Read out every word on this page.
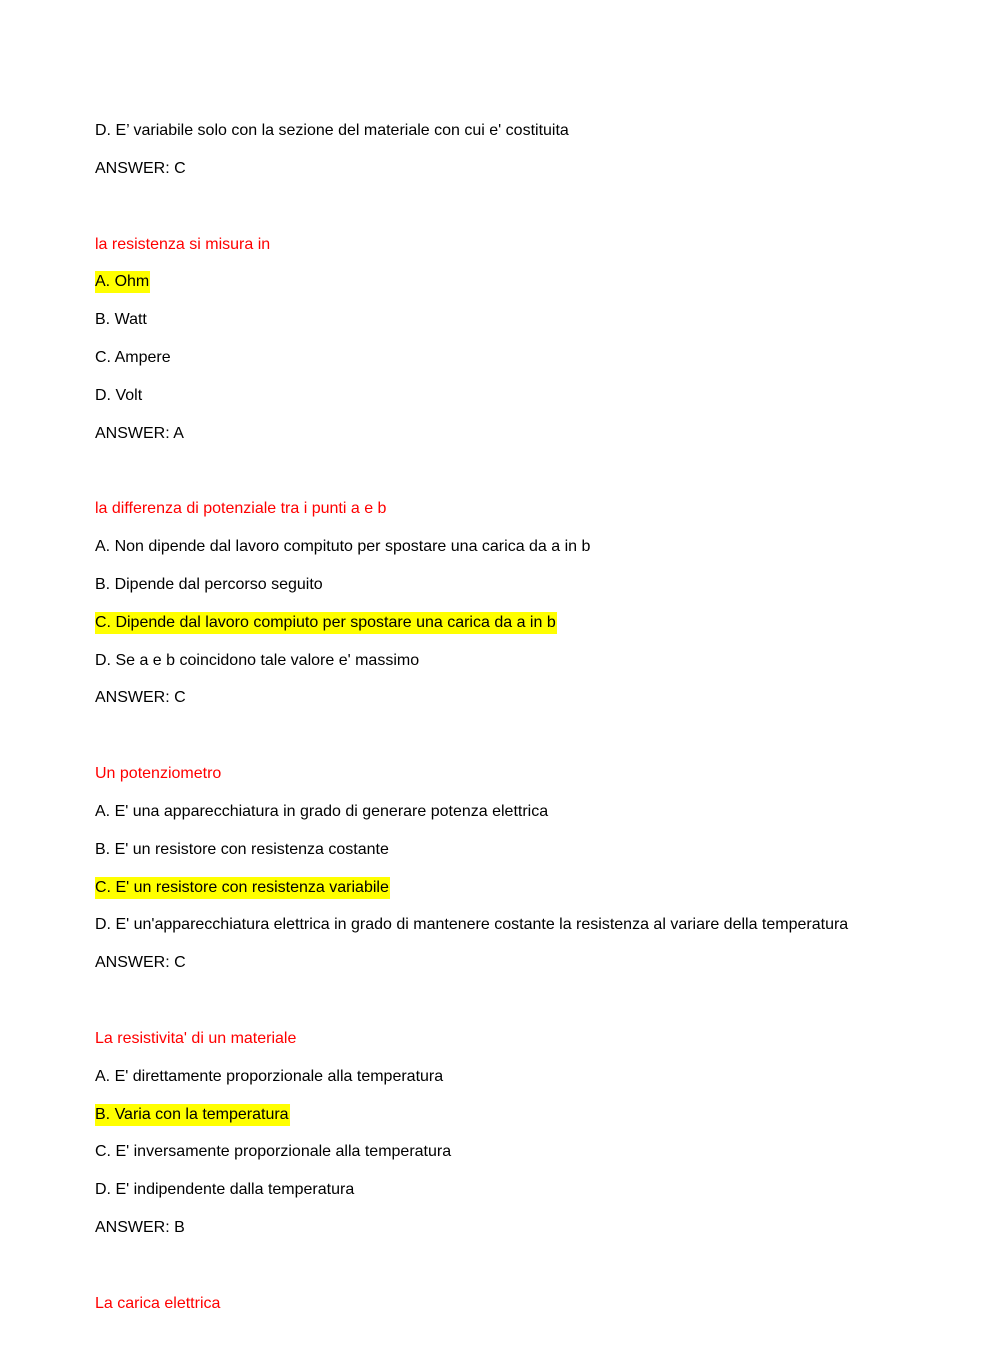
D. E’ variabile solo con la sezione del materiale con cui e' costituita
ANSWER: C
la resistenza si misura in
A. Ohm
B. Watt
C. Ampere
D. Volt
ANSWER: A
la differenza di potenziale tra i punti a e b
A. Non dipende dal lavoro compituto per spostare una carica da a in b
B. Dipende dal percorso seguito
C. Dipende dal lavoro compiuto per spostare una carica da a in b
D. Se a e b coincidono tale valore e' massimo
ANSWER: C
Un potenziometro
A. E' una apparecchiatura in grado di generare potenza elettrica
B. E' un resistore con resistenza costante
C. E' un resistore con resistenza variabile
D. E' un'apparecchiatura elettrica in grado di mantenere costante la resistenza al variare della temperatura
ANSWER: C
La resistivita' di un materiale
A. E' direttamente proporzionale alla temperatura
B. Varia con la temperatura
C. E' inversamente proporzionale alla temperatura
D. E' indipendente dalla temperatura
ANSWER: B
La carica elettrica
